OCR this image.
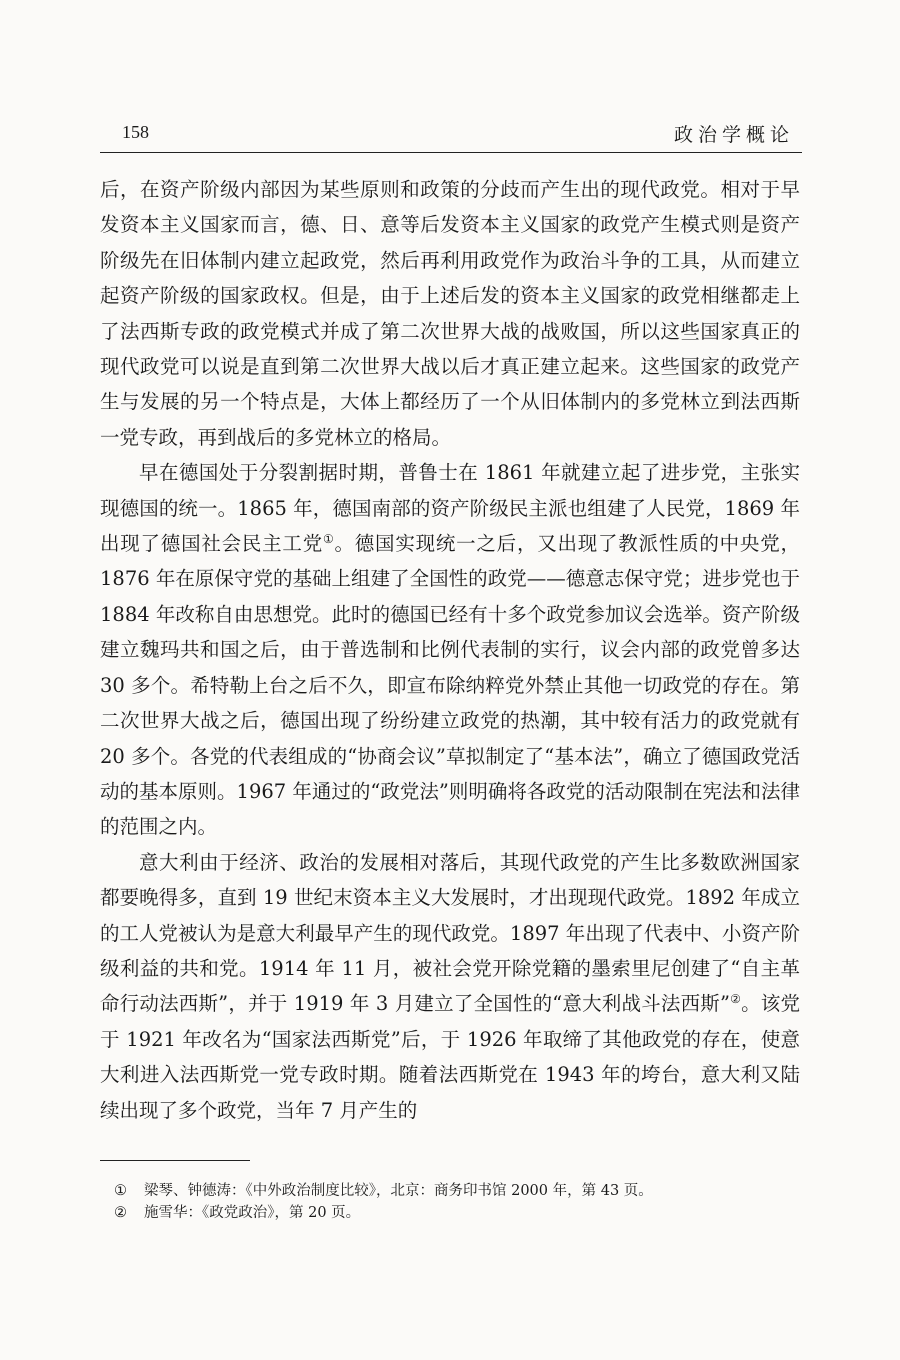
158	政治学概论

后，在资产阶级内部因为某些原则和政策的分歧而产生出的现代政党。相对于早发资本主义国家而言，德、日、意等后发资本主义国家的政党产生模式则是资产阶级先在旧体制内建立起政党，然后再利用政党作为政治斗争的工具，从而建立起资产阶级的国家政权。但是，由于上述后发的资本主义国家的政党相继都走上了法西斯专政的政党模式并成了第二次世界大战的战败国，所以这些国家真正的现代政党可以说是直到第二次世界大战以后才真正建立起来。这些国家的政党产生与发展的另一个特点是，大体上都经历了一个从旧体制内的多党林立到法西斯一党专政，再到战后的多党林立的格局。

早在德国处于分裂割据时期，普鲁士在 1861 年就建立起了进步党，主张实现德国的统一。1865 年，德国南部的资产阶级民主派也组建了人民党，1869 年出现了德国社会民主工党①。德国实现统一之后，又出现了教派性质的中央党，1876 年在原保守党的基础上组建了全国性的政党——德意志保守党；进步党也于 1884 年改称自由思想党。此时的德国已经有十多个政党参加议会选举。资产阶级建立魏玛共和国之后，由于普选制和比例代表制的实行，议会内部的政党曾多达 30 多个。希特勒上台之后不久，即宣布除纳粹党外禁止其他一切政党的存在。第二次世界大战之后，德国出现了纷纷建立政党的热潮，其中较有活力的政党就有 20 多个。各党的代表组成的“协商会议”草拟制定了“基本法”，确立了德国政党活动的基本原则。1967 年通过的“政党法”则明确将各政党的活动限制在宪法和法律的范围之内。

意大利由于经济、政治的发展相对落后，其现代政党的产生比多数欧洲国家都要晚得多，直到 19 世纪末资本主义大发展时，才出现现代政党。1892 年成立的工人党被认为是意大利最早产生的现代政党。1897 年出现了代表中、小资产阶级利益的共和党。1914 年 11 月，被社会党开除党籍的墨索里尼创建了“自主革命行动法西斯”，并于 1919 年 3 月建立了全国性的“意大利战斗法西斯”②。该党于 1921 年改名为“国家法西斯党”后，于 1926 年取缔了其他政党的存在，使意大利进入法西斯党一党专政时期。随着法西斯党在 1943 年的垮台，意大利又陆续出现了多个政党，当年 7 月产生的

①	梁琴、钟德涛：《中外政治制度比较》，北京：商务印书馆 2000 年，第 43 页。
②	施雪华：《政党政治》，第 20 页。
